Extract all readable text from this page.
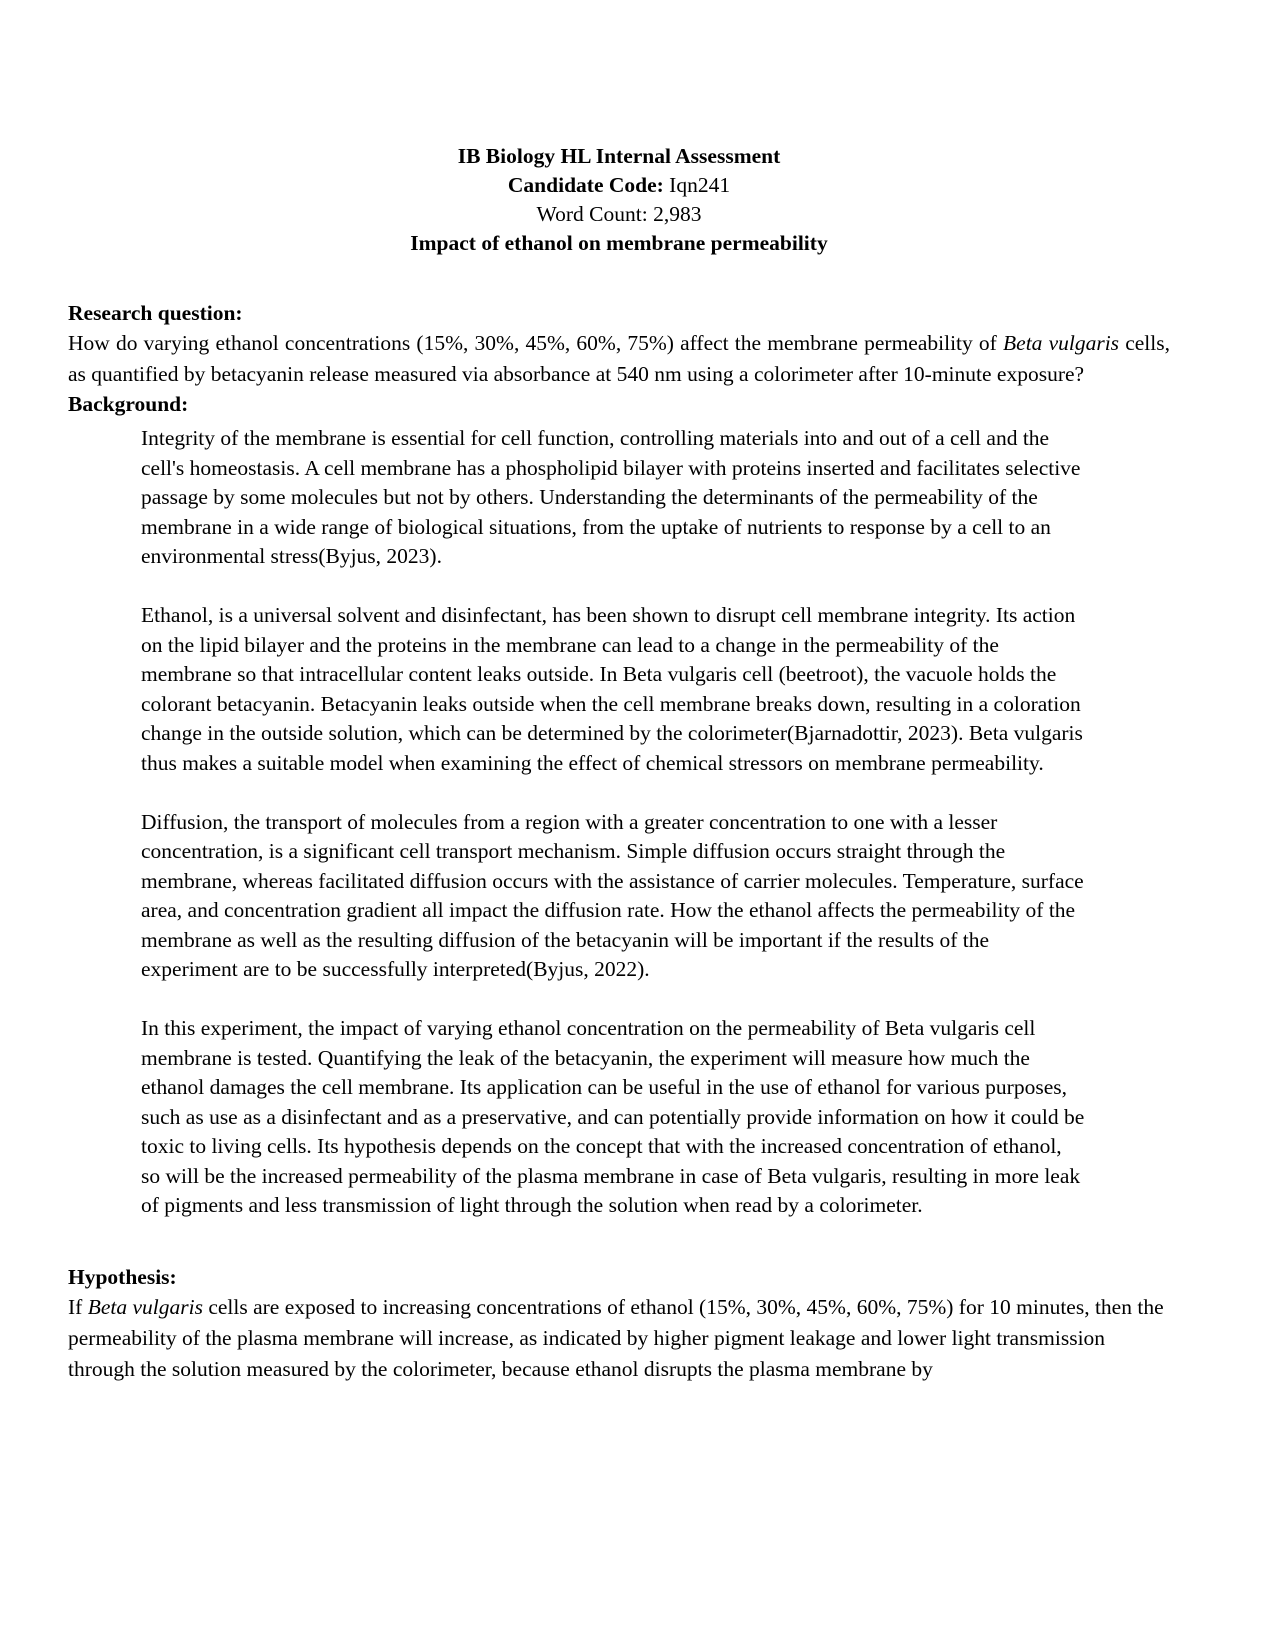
IB Biology HL Internal Assessment
Candidate Code: Iqn241
Word Count: 2,983
Impact of ethanol on membrane permeability
Research question:

How do varying ethanol concentrations (15%, 30%, 45%, 60%, 75%) affect the membrane permeability of Beta vulgaris cells, as quantified by betacyanin release measured via absorbance at 540 nm using a colorimeter after 10-minute exposure?

Background:

Integrity of the membrane is essential for cell function, controlling materials into and out of a cell and the cell's homeostasis. A cell membrane has a phospholipid bilayer with proteins inserted and facilitates selective passage by some molecules but not by others. Understanding the determinants of the permeability of the membrane in a wide range of biological situations, from the uptake of nutrients to response by a cell to an environmental stress(Byjus, 2023).

Ethanol, is a universal solvent and disinfectant, has been shown to disrupt cell membrane integrity. Its action on the lipid bilayer and the proteins in the membrane can lead to a change in the permeability of the membrane so that intracellular content leaks outside. In Beta vulgaris cell (beetroot), the vacuole holds the colorant betacyanin. Betacyanin leaks outside when the cell membrane breaks down, resulting in a coloration change in the outside solution, which can be determined by the colorimeter(Bjarnadottir, 2023). Beta vulgaris thus makes a suitable model when examining the effect of chemical stressors on membrane permeability.

Diffusion, the transport of molecules from a region with a greater concentration to one with a lesser concentration, is a significant cell transport mechanism. Simple diffusion occurs straight through the membrane, whereas facilitated diffusion occurs with the assistance of carrier molecules. Temperature, surface area, and concentration gradient all impact the diffusion rate. How the ethanol affects the permeability of the membrane as well as the resulting diffusion of the betacyanin will be important if the results of the experiment are to be successfully interpreted(Byjus, 2022).

In this experiment, the impact of varying ethanol concentration on the permeability of Beta vulgaris cell membrane is tested. Quantifying the leak of the betacyanin, the experiment will measure how much the ethanol damages the cell membrane. Its application can be useful in the use of ethanol for various purposes, such as use as a disinfectant and as a preservative, and can potentially provide information on how it could be toxic to living cells. Its hypothesis depends on the concept that with the increased concentration of ethanol, so will be the increased permeability of the plasma membrane in case of Beta vulgaris, resulting in more leak of pigments and less transmission of light through the solution when read by a colorimeter.

Hypothesis:

If Beta vulgaris cells are exposed to increasing concentrations of ethanol (15%, 30%, 45%, 60%, 75%) for 10 minutes, then the permeability of the plasma membrane will increase, as indicated by higher pigment leakage and lower light transmission through the solution measured by the colorimeter, because ethanol disrupts the plasma membrane by
